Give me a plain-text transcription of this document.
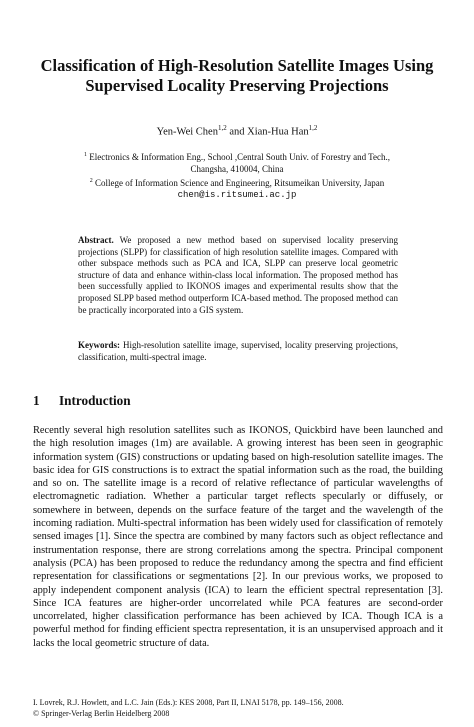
Classification of High-Resolution Satellite Images Using
Supervised Locality Preserving Projections
Yen-Wei Chen$^{1,2}$ and Xian-Hua Han$^{1,2}$
$^1$ Electronics & Information Eng., School ,Central South Univ. of Forestry and Tech.,
Changsha, 410004, China
$^2$ College of Information Science and Engineering, Ritsumeikan University, Japan
chen@is.ritsumei.ac.jp
Abstract. We proposed a new method based on supervised locality preserving projections (SLPP) for classification of high resolution satellite images. Compared with other subspace methods such as PCA and ICA, SLPP can preserve local geometric structure of data and enhance within-class local information. The proposed method has been successfully applied to IKONOS images and experimental results show that the proposed SLPP based method outperform ICA-based method. The proposed method can be practically incorporated into a GIS system.
Keywords: High-resolution satellite image, supervised, locality preserving projections, classification, multi-spectral image.
1 Introduction
Recently several high resolution satellites such as IKONOS, Quickbird have been launched and the high resolution images (1m) are available. A growing interest has been seen in geographic information system (GIS) constructions or updating based on high-resolution satellite images. The basic idea for GIS constructions is to extract the spatial information such as the road, the building and so on. The satellite image is a record of relative reflectance of particular wavelengths of electromagnetic radiation. Whether a particular target reflects specularly or diffusely, or somewhere in between, depends on the surface feature of the target and the wavelength of the incoming radiation. Multi-spectral information has been widely used for classification of remotely sensed images [1]. Since the spectra are combined by many factors such as object reflectance and instrumentation response, there are strong correlations among the spectra. Principal component analysis (PCA) has been proposed to reduce the redundancy among the spectra and find efficient representation for classifications or segmentations [2]. In our previous works, we proposed to apply independent component analysis (ICA) to learn the efficient spectral representation [3]. Since ICA features are higher-order uncorrelated while PCA features are second-order uncorrelated, higher classification performance has been achieved by ICA. Though ICA is a powerful method for finding efficient spectra representation, it is an unsupervised approach and it lacks the local geometric structure of data.
I. Lovrek, R.J. Howlett, and L.C. Jain (Eds.): KES 2008, Part II, LNAI 5178, pp. 149–156, 2008.
© Springer-Verlag Berlin Heidelberg 2008
